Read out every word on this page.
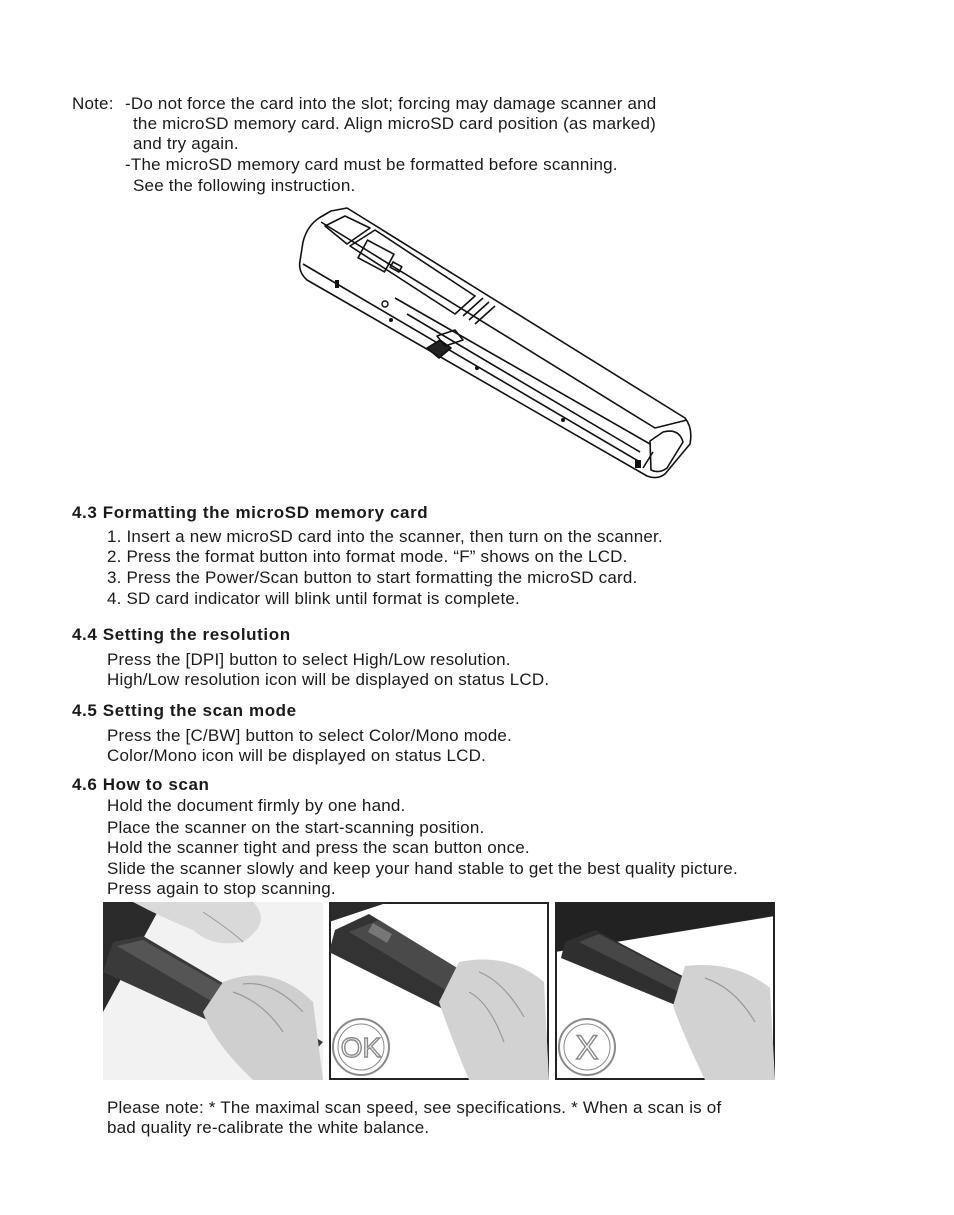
Note: -Do not force the card into the slot; forcing may damage scanner and
the microSD memory card. Align microSD card position (as marked)
and try again.
-The microSD memory card must be formatted before scanning.
See the following instruction.
4.3 Formatting the microSD memory card
1. Insert a new microSD card into the scanner, then turn on the scanner.
2. Press the format button into format mode. “F” shows on the LCD.
3. Press the Power/Scan button to start formatting the microSD card.
4. SD card indicator will blink until format is complete.
4.4 Setting the resolution
Press the [DPI] button to select High/Low resolution.
High/Low resolution icon will be displayed on status LCD.
4.5 Setting the scan mode
Press the [C/BW] button to select Color/Mono mode.
Color/Mono icon will be displayed on status LCD.
4.6 How to scan
Hold the document firmly by one hand.
Place the scanner on the start-scanning position.
Hold the scanner tight and press the scan button once.
Slide the scanner slowly and keep your hand stable to get the best quality picture.
Press again to stop scanning.
OK	X
Please note: * The maximal scan speed, see specifications. * When a scan is of
bad quality re-calibrate the white balance.
